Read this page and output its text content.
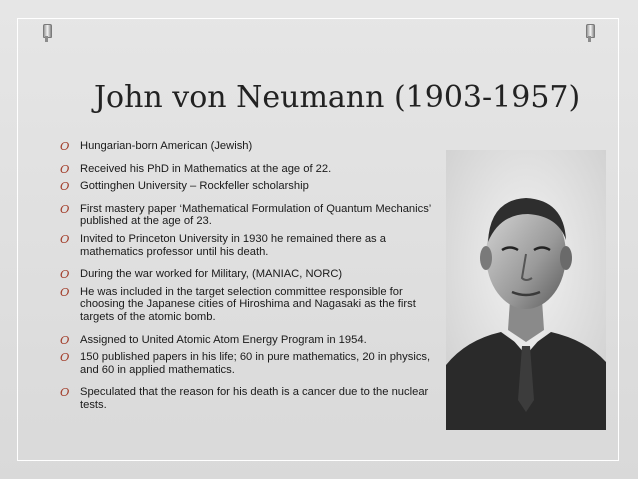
John von Neumann (1903-1957)
O Hungarian-born American (Jewish)
O Received his PhD in Mathematics at the age of 22.
O Gottinghen University – Rockfeller scholarship
O First mastery paper ‘Mathematical Formulation of Quantum Mechanics’ published at the age of 23.
O Invited to Princeton University in 1930 he remained there as a mathematics professor until his death.
O During the war worked for Military, (MANIAC, NORC)
O He was included in the target selection committee responsible for choosing the Japanese cities of Hiroshima and Nagasaki as the first targets of the atomic bomb.
O Assigned to United Atomic Atom Energy Program in 1954.
O 150 published papers in his life; 60 in pure mathematics, 20 in physics, and 60 in applied mathematics.
O Speculated that the reason for his death is a cancer due to the nuclear tests.
